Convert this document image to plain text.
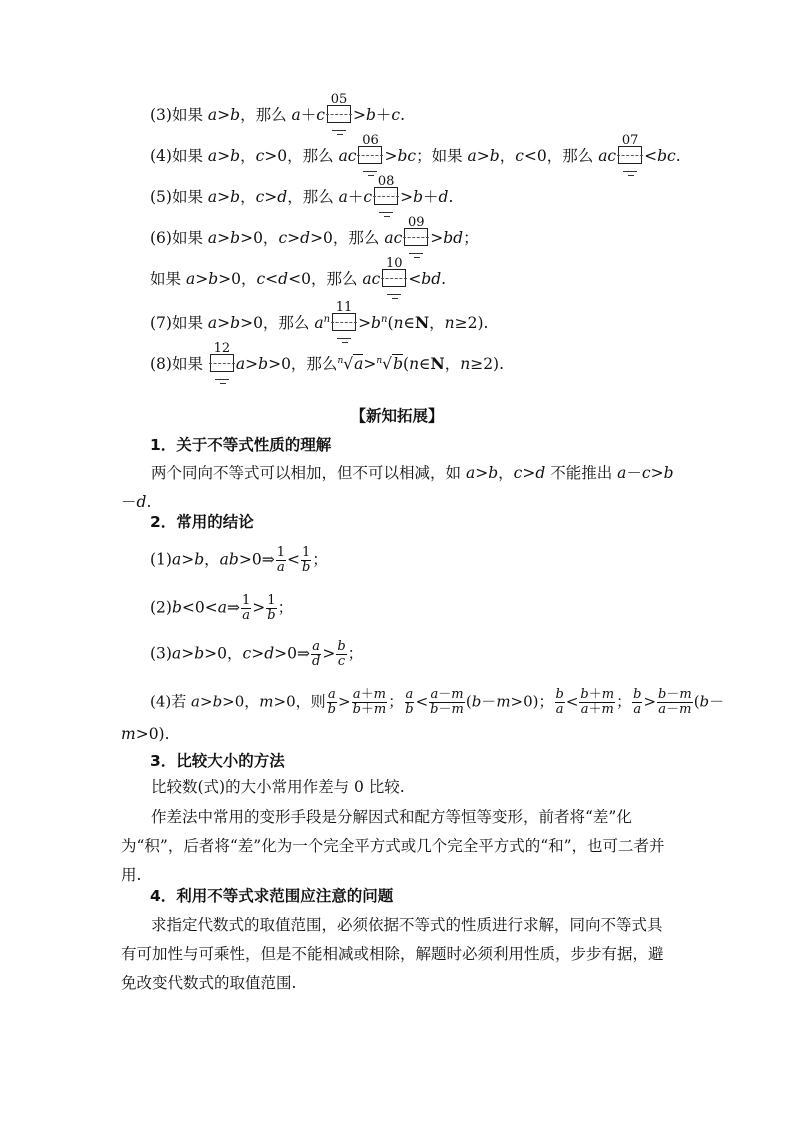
(3)如果 a>b，那么 a＋c
05
>b＋c.
(4)如果 a>b，c>0，那么 ac
06
>bc；如果 a>b，c<0，那么 ac
07
<bc.
(5)如果 a>b，c>d，那么 a＋c
08
>b＋d.
(6)如果 a>b>0，c>d>0，那么 ac
09
>bd；
如果 a>b>0，c<d<0，那么 ac
10
<bd.
(7)如果 a>b>0，那么 $a^n$
11
$>b^n(n\in N$，n≥2).
(8)如果
12
a>b>0，那么$^n$√a>$^n$√b(n∈N，n≥2).
【新知拓展】
1．关于不等式性质的理解
两个同向不等式可以相加，但不可以相减，如 a>b，c>d 不能推出 a－c>b－d.
2．常用的结论
(1)a>b，ab>0⇒ $\frac{1}{a} < \frac{1}{b}$ ；
(2)b<0<a⇒ $\frac{1}{a} > \frac{1}{b}$ ；
(3)a>b>0，c>d>0⇒ $\frac{a}{d} > \frac{b}{c}$ ；
(4)若 a>b>0，m>0，则 $\frac{a}{b} > \frac{a+m}{b+m}$ ； $\frac{a}{b} < \frac{a-m}{b-m} (b-m>0)$； $\frac{b}{a} < \frac{b+m}{a+m}$ ； $\frac{b}{a} > \frac{b-m}{a-m} (b-$
m>0).
3．比较大小的方法
比较数(式)的大小常用作差与 0 比较.
作差法中常用的变形手段是分解因式和配方等恒等变形，前者将“差”化为“积”，后者将“差”化为一个完全平方式或几个完全平方式的“和”，也可二者并用.
4．利用不等式求范围应注意的问题
求指定代数式的取值范围，必须依据不等式的性质进行求解，同向不等式具有可加性与可乘性，但是不能相减或相除，解题时必须利用性质，步步有据，避免改变代数式的取值范围.
